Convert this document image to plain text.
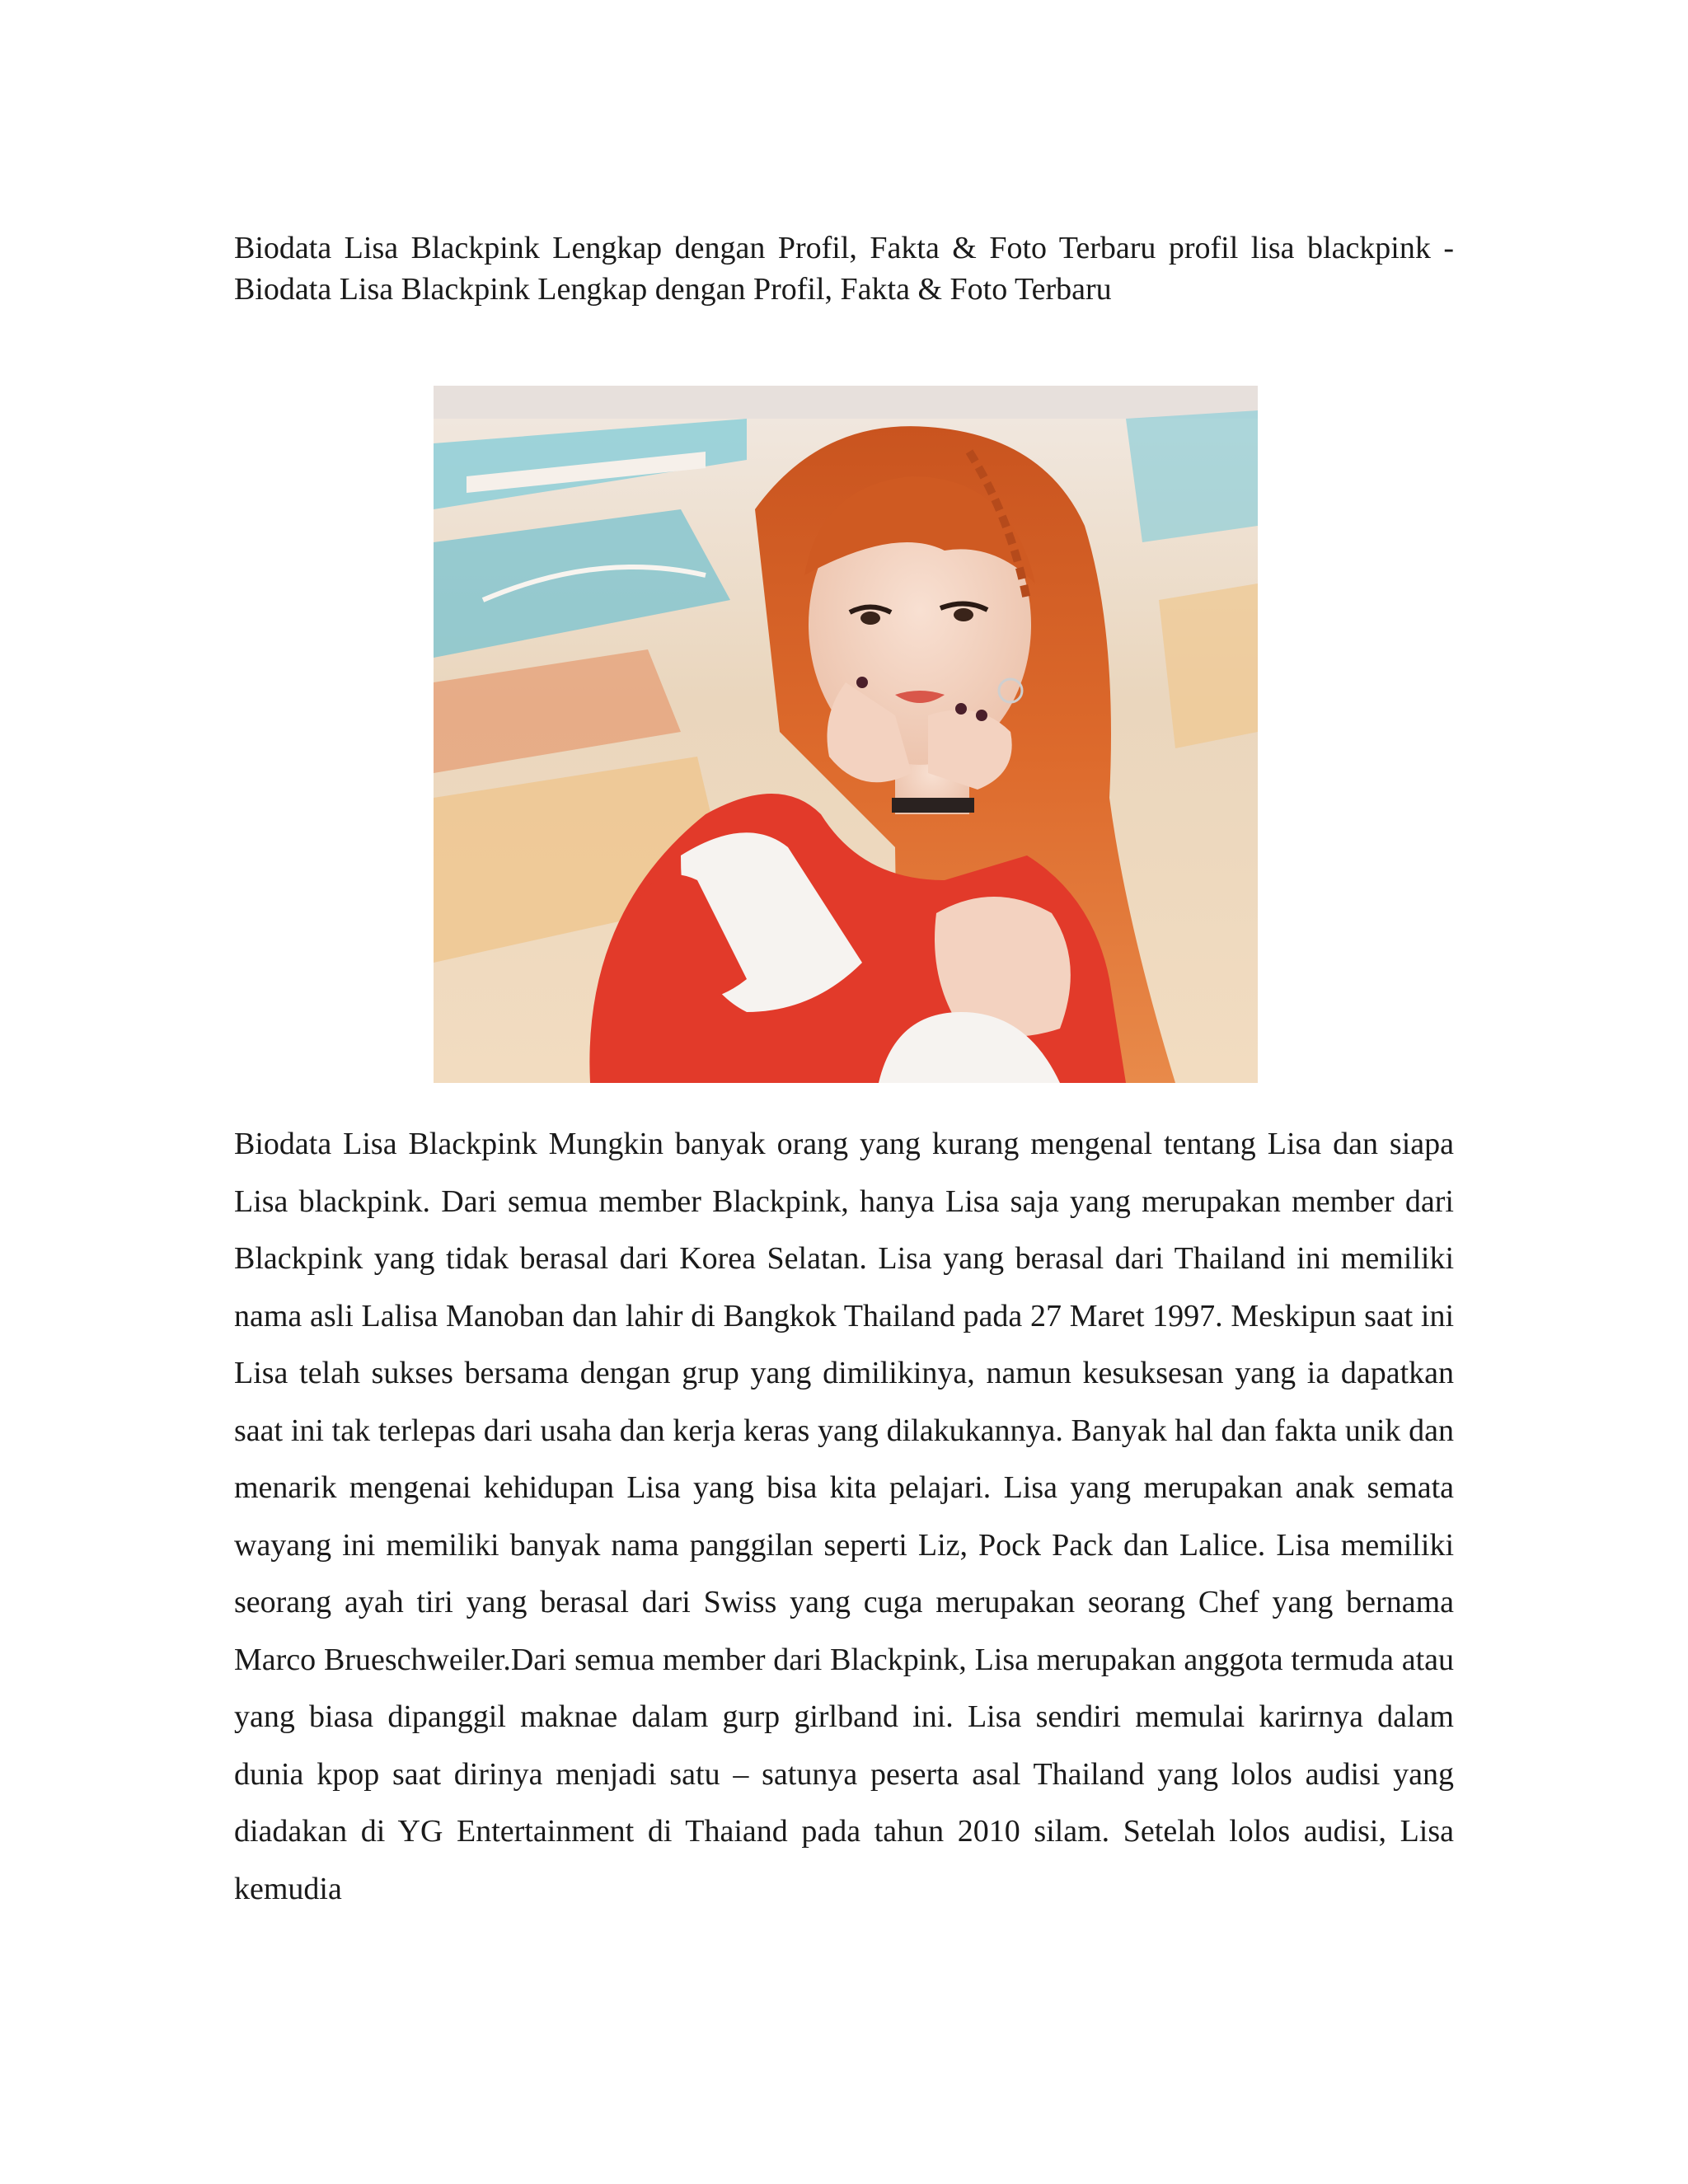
Biodata Lisa Blackpink Lengkap dengan Profil, Fakta & Foto Terbaru profil lisa blackpink - Biodata Lisa Blackpink Lengkap dengan Profil, Fakta & Foto Terbaru

Biodata Lisa Blackpink Mungkin banyak orang yang kurang mengenal tentang Lisa dan siapa Lisa blackpink. Dari semua member Blackpink, hanya Lisa saja yang merupakan member dari Blackpink yang tidak berasal dari Korea Selatan. Lisa yang berasal dari Thailand ini memiliki nama asli Lalisa Manoban dan lahir di Bangkok Thailand pada 27 Maret 1997. Meskipun saat ini Lisa telah sukses bersama dengan grup yang dimilikinya, namun kesuksesan yang ia dapatkan saat ini tak terlepas dari usaha dan kerja keras yang dilakukannya. Banyak hal dan fakta unik dan menarik mengenai kehidupan Lisa yang bisa kita pelajari. Lisa yang merupakan anak semata wayang ini memiliki banyak nama panggilan seperti Liz, Pock Pack dan Lalice. Lisa memiliki seorang ayah tiri yang berasal dari Swiss yang cuga merupakan seorang Chef yang bernama Marco Brueschweiler.Dari semua member dari Blackpink, Lisa merupakan anggota termuda atau yang biasa dipanggil maknae dalam gurp girlband ini. Lisa sendiri memulai karirnya dalam dunia kpop saat dirinya menjadi satu – satunya peserta asal Thailand yang lolos audisi yang diadakan di YG Entertainment di Thaiand pada tahun 2010 silam. Setelah lolos audisi, Lisa kemudia
